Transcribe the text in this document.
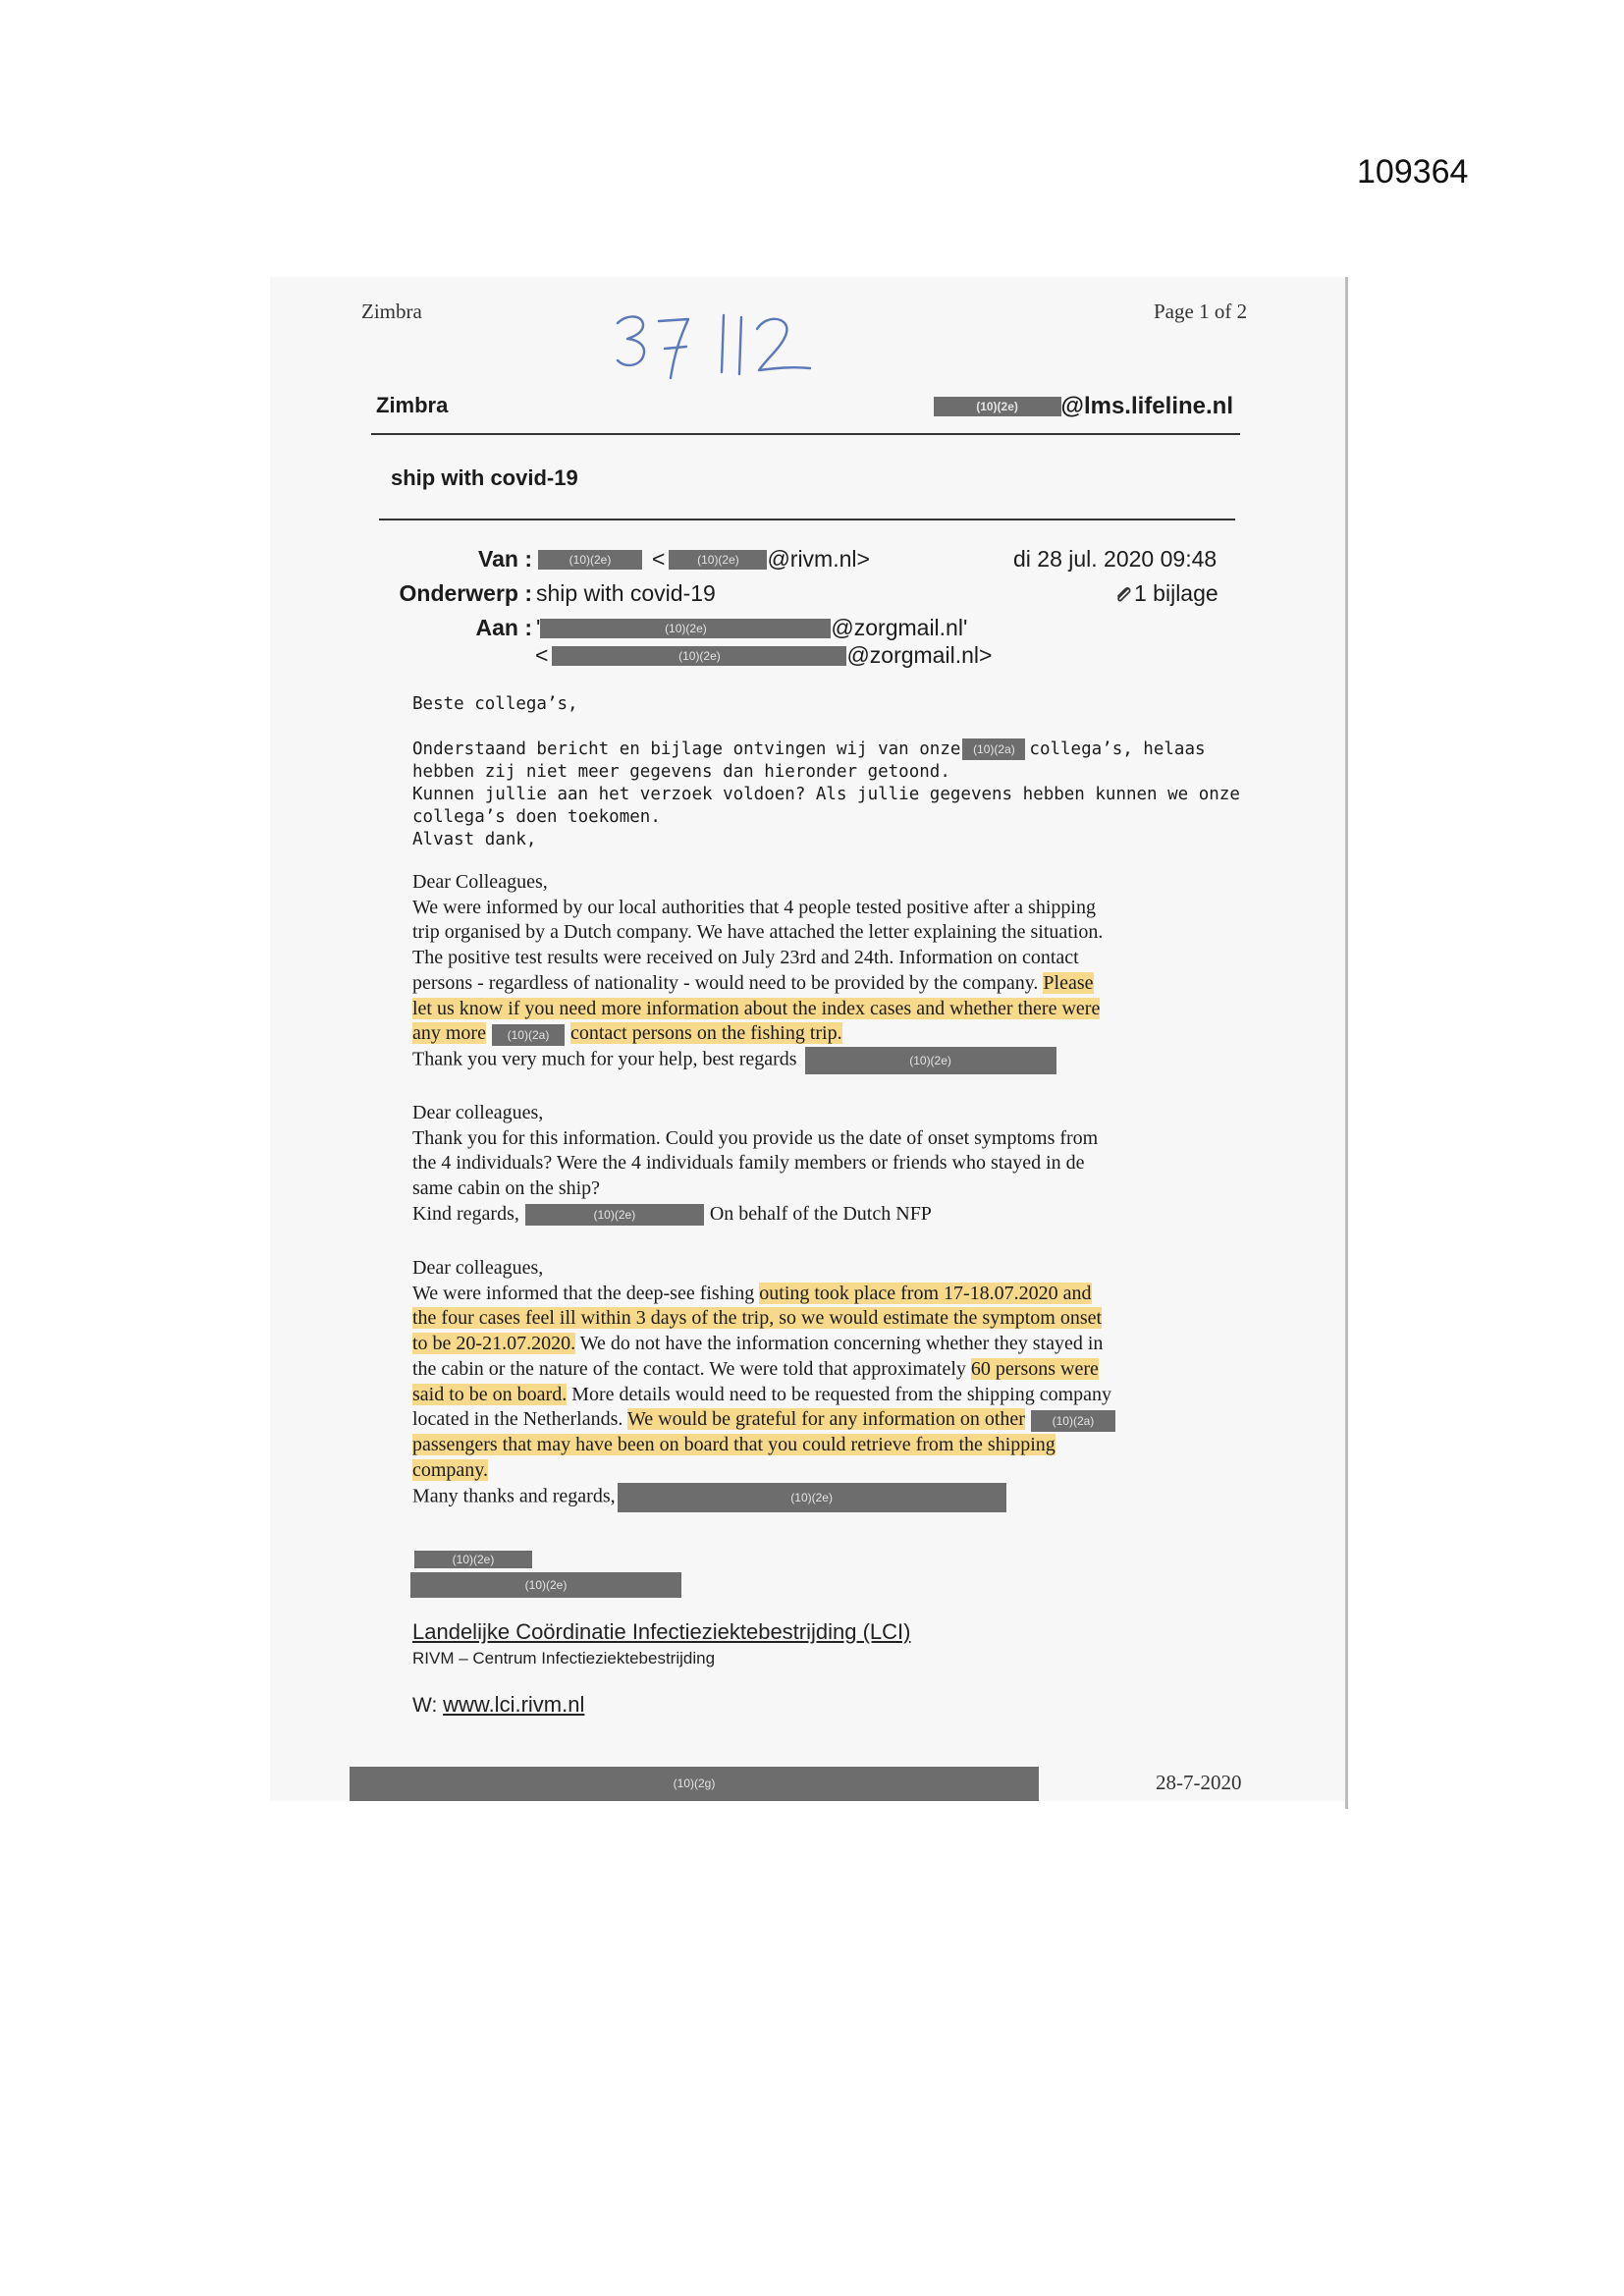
109364
Zimbra	Page 1 of 2
Zimbra	(10)(2e)	@lms.lifeline.nl
ship with covid-19
Van :	(10)(2e)	<	(10)(2e)	@rivm.nl>	di 28 jul. 2020 09:48
Onderwerp : ship with covid-19	1 bijlage
Aan : '	(10)(2e)	@zorgmail.nl'
<	(10)(2e)	@zorgmail.nl>
Beste collega’s,
Onderstaand bericht en bijlage ontvingen wij van onze (10)(2a) collega’s, helaas
hebben zij niet meer gegevens dan hieronder getoond.
Kunnen jullie aan het verzoek voldoen? Als jullie gegevens hebben kunnen we onze
collega’s doen toekomen.
Alvast dank,
Dear Colleagues,
We were informed by our local authorities that 4 people tested positive after a shipping
trip organised by a Dutch company. We have attached the letter explaining the situation.
The positive test results were received on July 23rd and 24th. Information on contact
persons - regardless of nationality - would need to be provided by the company. Please
let us know if you need more information about the index cases and whether there were
any more (10)(2a) contact persons on the fishing trip.
Thank you very much for your help, best regards	(10)(2e)
Dear colleagues,
Thank you for this information. Could you provide us the date of onset symptoms from
the 4 individuals? Were the 4 individuals family members or friends who stayed in de
same cabin on the ship?
Kind regards,	(10)(2e)	On behalf of the Dutch NFP
Dear colleagues,
We were informed that the deep-see fishing outing took place from 17-18.07.2020 and
the four cases feel ill within 3 days of the trip, so we would estimate the symptom onset
to be 20-21.07.2020. We do not have the information concerning whether they stayed in
the cabin or the nature of the contact. We were told that approximately 60 persons were
said to be on board. More details would need to be requested from the shipping company
located in the Netherlands. We would be grateful for any information on other (10)(2a)
passengers that may have been on board that you could retrieve from the shipping
company.
Many thanks and regards,	(10)(2e)
(10)(2e)
(10)(2e)
Landelijke Coördinatie Infectieziektebestrijding (LCI)
RIVM – Centrum Infectieziektebestrijding
W: www.lci.rivm.nl
(10)(2g)	28-7-2020
